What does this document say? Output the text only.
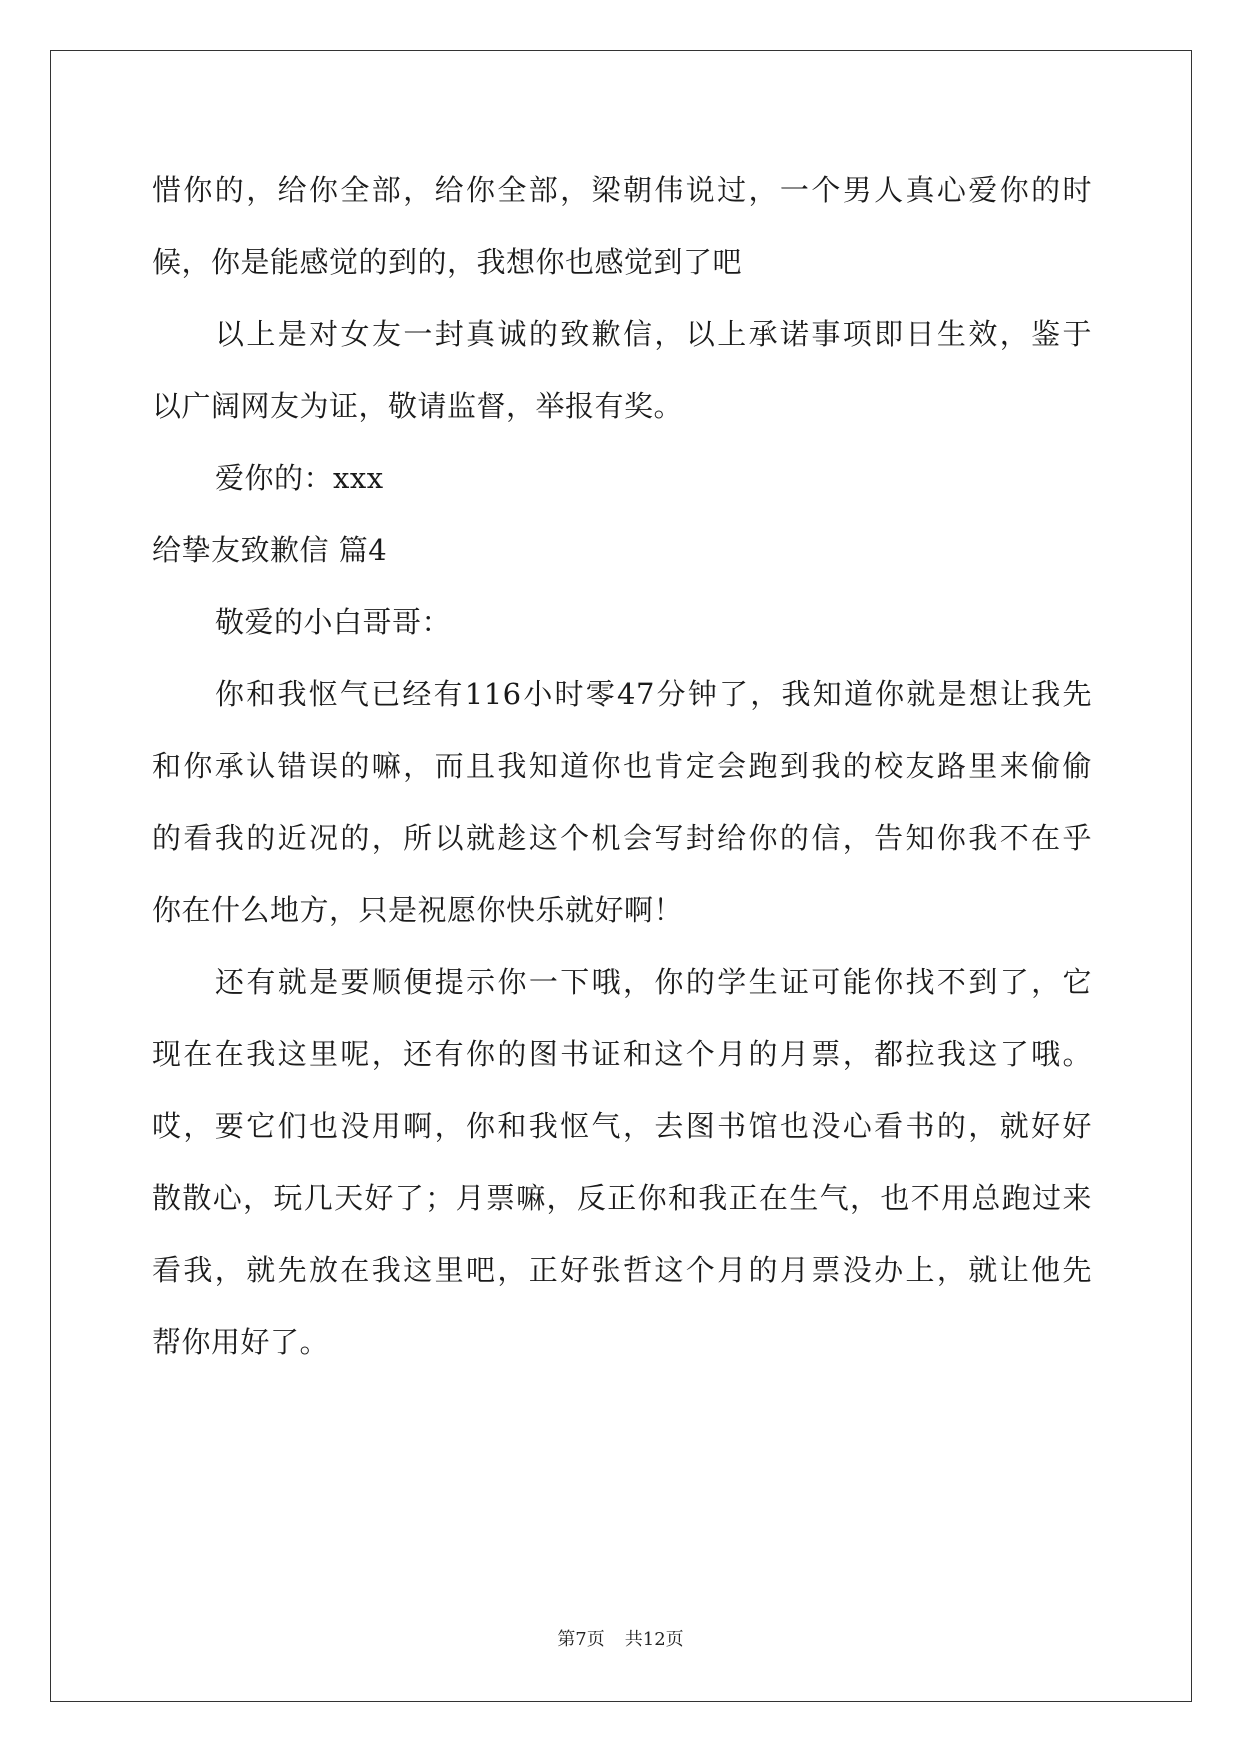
惜你的，给你全部，给你全部，梁朝伟说过，一个男人真心爱你的时
候，你是能感觉的到的，我想你也感觉到了吧
以上是对女友一封真诚的致歉信，以上承诺事项即日生效，鉴于
以广阔网友为证，敬请监督，举报有奖。
爱你的：xxx
给挚友致歉信 篇4
敬爱的小白哥哥：
你和我怄气已经有116小时零47分钟了，我知道你就是想让我先
和你承认错误的嘛，而且我知道你也肯定会跑到我的校友路里来偷偷
的看我的近况的，所以就趁这个机会写封给你的信，告知你我不在乎
你在什么地方，只是祝愿你快乐就好啊！
还有就是要顺便提示你一下哦，你的学生证可能你找不到了，它
现在在我这里呢，还有你的图书证和这个月的月票，都拉我这了哦。
哎，要它们也没用啊，你和我怄气，去图书馆也没心看书的，就好好
散散心，玩几天好了；月票嘛，反正你和我正在生气，也不用总跑过来
看我，就先放在我这里吧，正好张哲这个月的月票没办上，就让他先
帮你用好了。
第7页 共12页
